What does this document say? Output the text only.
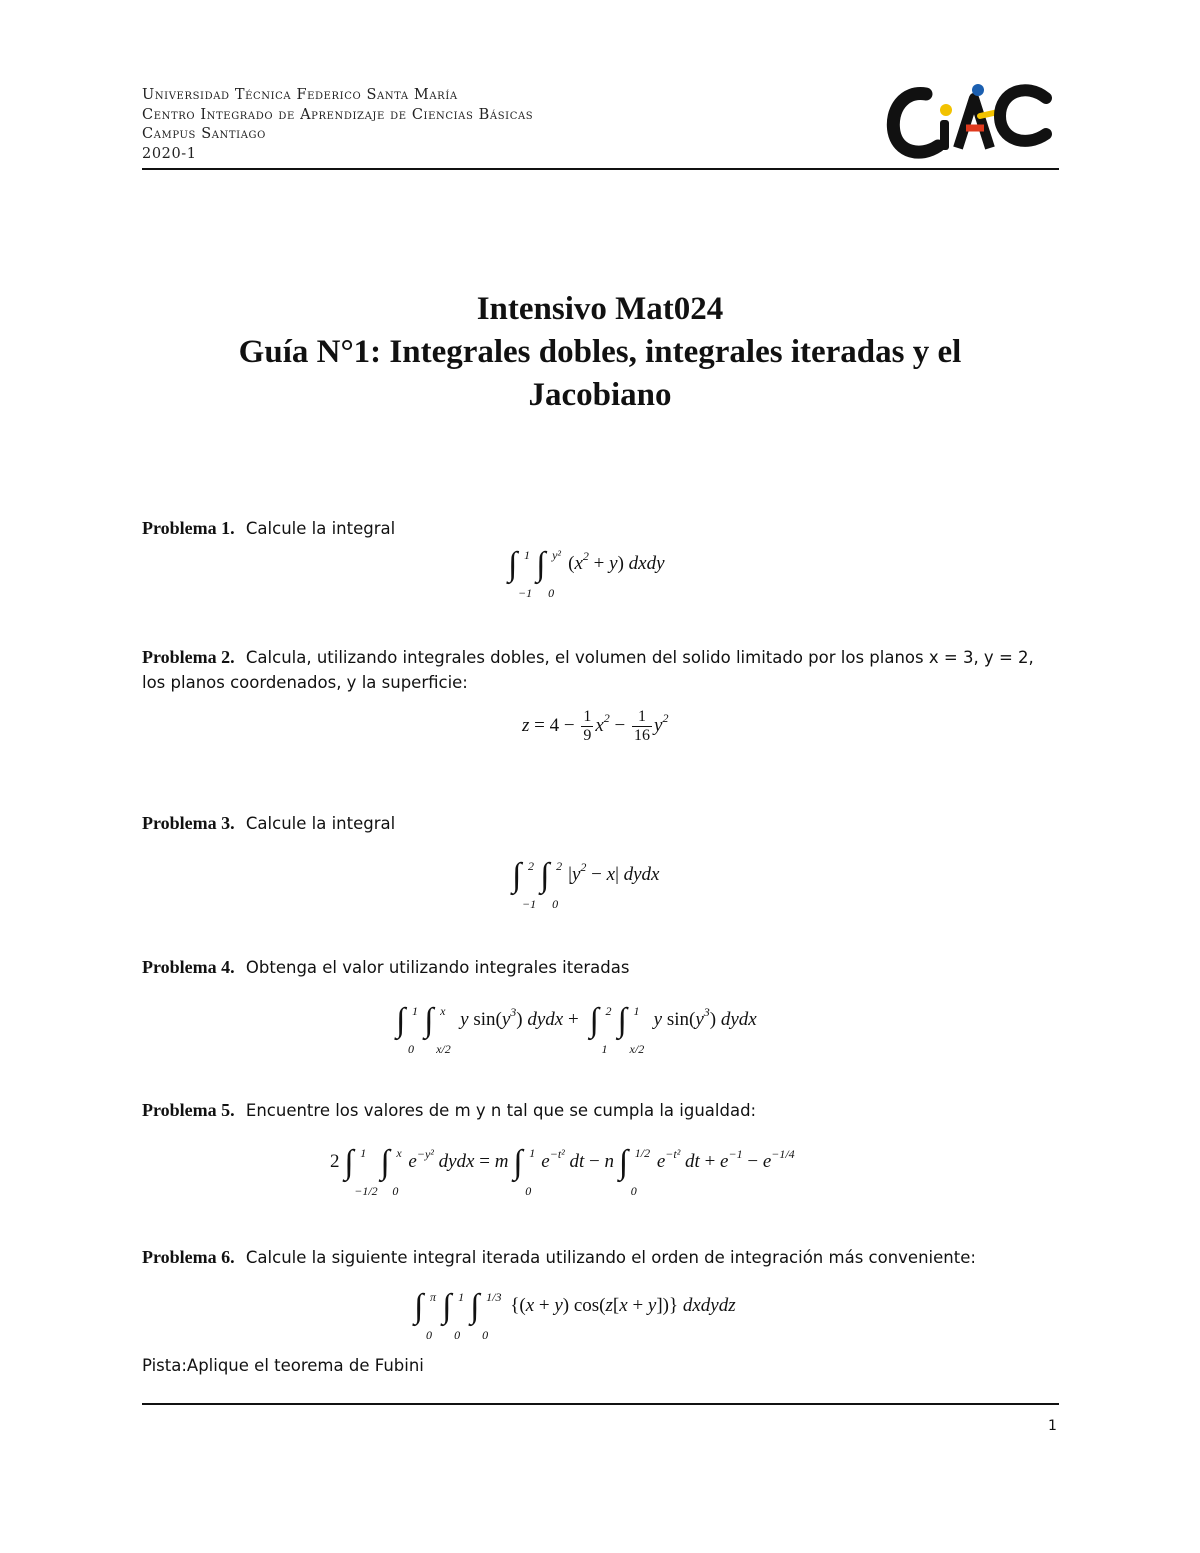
Universidad Técnica Federico Santa María
Centro Integrado de Aprendizaje de Ciencias Básicas
Campus Santiago
2020-1
Intensivo Mat024
Guía N°1: Integrales dobles, integrales iteradas y el
Jacobiano
Problema 1. Calcule la integral
∫ 1
−1
∫ y²
0
$(x^2 + y)$ dxdy
Problema 2. Calcula, utilizando integrales dobles, el volumen del solido limitado por los planos x = 3, y = 2, los planos coordenados, y la superficie:
$z = 4 - \frac{1}{9} x^2 - \frac{1}{16} y^2$
Problema 3. Calcule la integral
∫ 2
−1
∫ 2
0
$|y^2 - x|$ dydx
Problema 4. Obtenga el valor utilizando integrales iteradas
∫ 1
0
∫ x
x/2
y $\sin(y^3)$ dydx + ∫ 2
1
∫ 1
x/2
y $\sin(y^3)$ dydx
Problema 5. Encuentre los valores de m y n tal que se cumpla la igualdad:
2 ∫ 1
−1/2
∫ x
0
$e^{-y^2}$ dydx = m ∫ 1
0
$e^{-t^2}$ dt − n ∫ 1/2
0
$e^{-t^2}$ dt + $e^{-1} - e^{-1/4}$
Problema 6. Calcule la siguiente integral iterada utilizando el orden de integración más conveniente:
∫ π
0
∫ 1
0
∫ 1/3
0
{(x + y) cos(z[x + y])} dxdydz
Pista:Aplique el teorema de Fubini
1
